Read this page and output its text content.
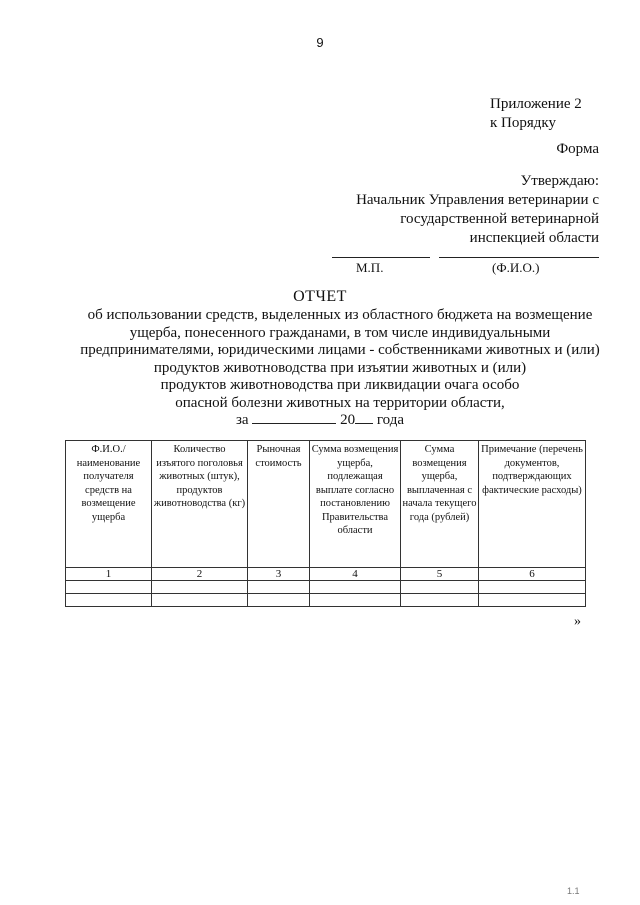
9
Приложение 2
к Порядку
Форма
Утверждаю:
Начальник Управления ветеринарии с
государственной ветеринарной
инспекцией области
М.П.	(Ф.И.О.)
ОТЧЕТ
об использовании средств, выделенных из областного бюджета на возмещение
ущерба, понесенного гражданами, в том числе индивидуальными
предпринимателями, юридическими лицами - собственниками животных и (или)
продуктов животноводства при изъятии животных и (или)
продуктов животноводства при ликвидации очага особо
опасной болезни животных на территории области,
за	20 года
Ф.И.О./ наименование получателя средств на возмещение ущерба	Количество изъятого поголовья животных (штук), продуктов животноводства (кг)	Рыночная стоимость	Сумма возмещения ущерба, подлежащая выплате согласно постановлению Правительства области	Сумма возмещения ущерба, выплаченная с начала текущего года (рублей)	Примечание (перечень документов, подтверждающих фактические расходы)
1	2	3	4	5	6

»
1.1
